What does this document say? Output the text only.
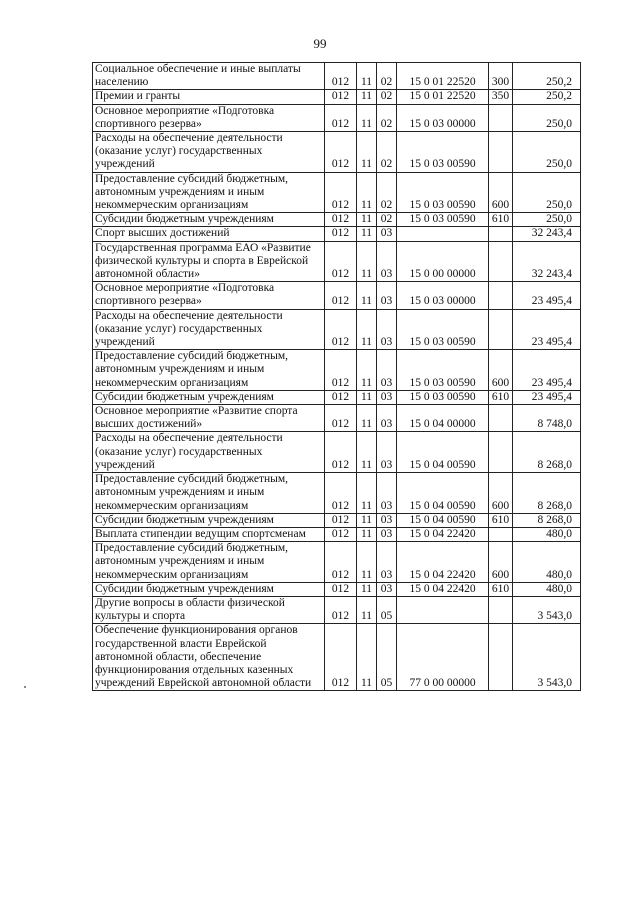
99
Социальное обеспечение и иные выплаты населению	012	11	02	15 0 01 22520	300	250,2
Премии и гранты	012	11	02	15 0 01 22520	350	250,2
Основное мероприятие «Подготовка спортивного резерва»	012	11	02	15 0 03 00000		250,0
Расходы на обеспечение деятельности (оказание услуг) государственных учреждений	012	11	02	15 0 03 00590		250,0
Предоставление субсидий бюджетным, автономным учреждениям и иным некоммерческим организациям	012	11	02	15 0 03 00590	600	250,0
Субсидии бюджетным учреждениям	012	11	02	15 0 03 00590	610	250,0
Спорт высших достижений	012	11	03			32 243,4
Государственная программа ЕАО «Развитие физической культуры и спорта в Еврейской автономной области»	012	11	03	15 0 00 00000		32 243,4
Основное мероприятие «Подготовка спортивного резерва»	012	11	03	15 0 03 00000		23 495,4
Расходы на обеспечение деятельности (оказание услуг) государственных учреждений	012	11	03	15 0 03 00590		23 495,4
Предоставление субсидий бюджетным, автономным учреждениям и иным некоммерческим организациям	012	11	03	15 0 03 00590	600	23 495,4
Субсидии бюджетным учреждениям	012	11	03	15 0 03 00590	610	23 495,4
Основное мероприятие «Развитие спорта высших достижений»	012	11	03	15 0 04 00000		8 748,0
Расходы на обеспечение деятельности (оказание услуг) государственных учреждений	012	11	03	15 0 04 00590		8 268,0
Предоставление субсидий бюджетным, автономным учреждениям и иным некоммерческим организациям	012	11	03	15 0 04 00590	600	8 268,0
Субсидии бюджетным учреждениям	012	11	03	15 0 04 00590	610	8 268,0
Выплата стипендии ведущим спортсменам	012	11	03	15 0 04 22420		480,0
Предоставление субсидий бюджетным, автономным учреждениям и иным некоммерческим организациям	012	11	03	15 0 04 22420	600	480,0
Субсидии бюджетным учреждениям	012	11	03	15 0 04 22420	610	480,0
Другие вопросы в области физической культуры и спорта	012	11	05			3 543,0
Обеспечение функционирования органов государственной власти Еврейской автономной области, обеспечение функционирования отдельных казенных учреждений Еврейской автономной области	012	11	05	77 0 00 00000		3 543,0
